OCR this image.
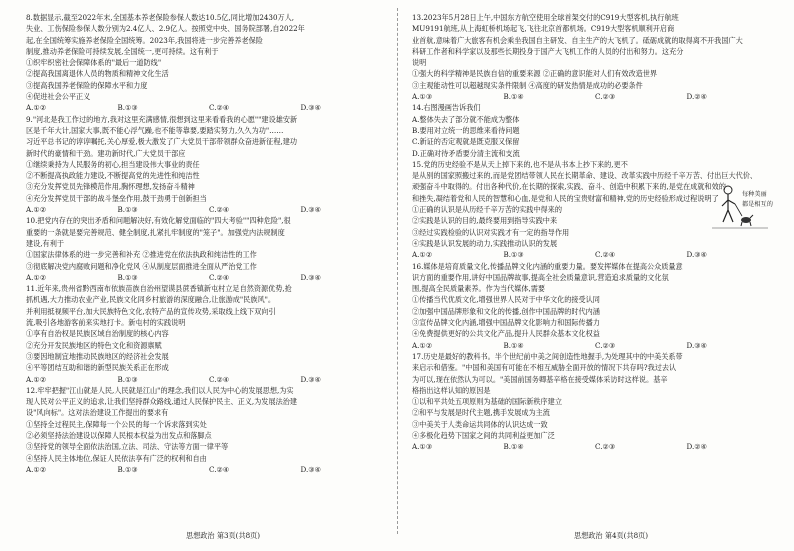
8.数据显示,截至2022年末,全国基本养老保险参保人数达10.5亿,同比增加2430万人,
失业、工伤保险参保人数分别为2.4亿人、2.9亿人。按照党中央、国务院部署,自2022年
起,在全国统筹实施养老保险全国统筹。2023年,我国将进一步完善养老保险
制度,推动养老保险可持续发展,全国统一,更可持续。这有利于
①织牢织密社会保障体系的"最后一道防线"
②提高我国离退休人员的物质和精神文化生活
③提高我国养老保险的保障水平和力度
④促进社会公平正义
A.①②	B.①③	C.②④	D.③④
9."河北是我工作过的地方,我对这里充满感情,很想到这里来看看我的心愿""建设雄安新
区是千年大计,国家大事,既不能心浮气躁,也不能等靠要,要踏实努力,久久为功"……
习近平总书记的谆谆嘱托,关心厚爱,极大激发了广大党员干部带领群众奋进新征程,建功
新时代的豪情和干劲。建功新时代,广大党员干部应
①继续秉持为人民服务的初心,担当建设伟大事业的责任
②不断提高执政能力建设,不断提高党的先进性和纯洁性
③充分发挥党员先锋模范作用,胸怀理想,发扬奋斗精神
④充分发挥党员干部的战斗堡垒作用,鼓干劲勇于创新担当
A.①②	B.①③	C.②④	D.③④
10.把党内存在的突出矛盾和问题解决好,有效化解党面临的"四大考验""四种危险",很
重要的一条就是要完善规范、健全制度,扎紧扎牢制度的"笼子"。加强党内法规制度
建设,有利于
①国家法律体系的进一步完善和补充 ②推进党在依法执政和纯洁性的工作
③彻底解决党内腐败问题和净化党风 ④从制度层面推进全面从严治党工作
A.①②	B.①③	C.②④	D.③④
11.近年来,贵州省黔西南布依族苗族自治州望谟县蔗香镇新屯村立足自然资源优势,抢
抓机遇,大力推动农业产业,民族文化同乡村旅游的深度融合,让旅游成"民族风"。
并利用抵视频平台,加大民族特色文化,农特产品的宣传攻势,采取线上线下双向引
流,吸引各地游客前来实地打卡。新屯村的实践说明
①享有自治权是民族区域自治制度的核心内容
②充分开发民族地区的特色文化和资源禀赋
③要因地制宜地推动民族地区的经济社会发展
④平等团结互助和谐的新型民族关系正在形成
A.①②	B.①③	C.②④	D.③④
12.牢牢把握"江山就是人民,人民就是江山"的理念,我们以人民为中心的发展思想,为实
现人民对公平正义的追求,让我们坚持群众路线,通过人民保护民主、正义,为发展法治建
设"风向标"。这对法治建设工作提出的要求有
①坚持全过程民主,保障每一个公民的每一个诉求落到实处
②必须坚持法治建设以保障人民根本权益为出发点和落脚点
③坚持党的领导全面依法治国,立法、司法、守法等方面一律平等
④坚持人民主体地位,保证人民依法享有广泛的权利和自由
A.①②	B.①③	C.②④	D.③④
13.2023年5月28日上午,中国东方航空使用全球首架交付的C919大型客机,执行航班
MU9191航班,从上海虹桥机场起飞,飞往北京首都机场。C919大型客机顺利开启商
业首航,意味着广大旅客有机会乘坐我国自主研发、自主生产的大飞机了。砥砺成就的取得离不开我国广大
科研工作者和科学家以及那些长期投身于国产大飞机工作的人员的付出和努力。这充分
说明
①强大的科学精神是民族自信的重要来源 ②正确的意识能对人们有效改造世界
③主观能动性可以超越现实条件限制 ④高度的研发热情是成功的必要条件
A.①③	B.①④	C.②③	D.②④
14.右图漫画告诉我们
A.整体失去了部分就不能成为整体
B.要用对立统一的思维来看待问题
C.新证的否定观就是既克服又保留
D.正确对待矛盾要分清主流和支流
15.党的历史经验不是从天上掉下来的,也不是从书本上抄下来的,更不
是从别的国家照搬过来的,而是党团结带领人民在长期革命、建设、改革实践中历经千辛万苦、付出巨大代价、
顽强奋斗中取得的。付出各种代价,在长期的探索,实践、奋斗、创造中积累下来的,是党在成就和效的
和挫失,凝结着党和人民的智慧和心血,是党和人民的宝贵财富和精神,党的历史经验形成过程说明了
①正确的认识是从历经千辛万苦的实践中得来的
②实践是认识的目的,最终要用到指导实践中来
③经过实践检验的认识对实践才有一定的指导作用
④实践是认识发展的动力,实践推动认识的发展
A.①②	B.①③	C.②④	D.③④
16.媒体是培育质量文化,传播品牌文化内涵的重要力量。要发挥媒体在提高公众质量意
识方面的重要作用,讲好中国品牌故事,提高全社会质量意识,营造追求质量的文化氛
围,提高全民质量素养。作为当代媒体,需要
①传播当代优质文化,增强世界人民对于中华文化的接受认同
②加强中国品牌形象和文化的传播,创作中国品牌的时代内涵
③宣传品牌文化内涵,增强中国品牌文化影响力和国际传播力
④免费提供更好的公共文化产品,提升人民群众基本文化权益
A.①②	B.①④	C.②③	D.③④
17.历史是最好的教科书。半个世纪前中美之间创造性地握手,为处理其中的中美关系带
来启示和借鉴。"中国和美国有可能在不相互威胁全面开放的情况下共存吗?我过去认
为可以,现在依然认为可以。"美国前国务卿基辛格在接受媒体采访时这样说。基辛
格指出这样认知的原因是
①以和平共处五项原则为基础的国际新秩序建立
②和平与发展是时代主题,携手发展成为主流
③中美关于人类命运共同体的认识达成一致
④多极化趋势下国家之间的共同利益更加广泛
A.①③	B.①④	C.②③	D.②④
每种美丽
都是相互的
思想政治 第3页(共8页)	思想政治 第4页(共8页)
